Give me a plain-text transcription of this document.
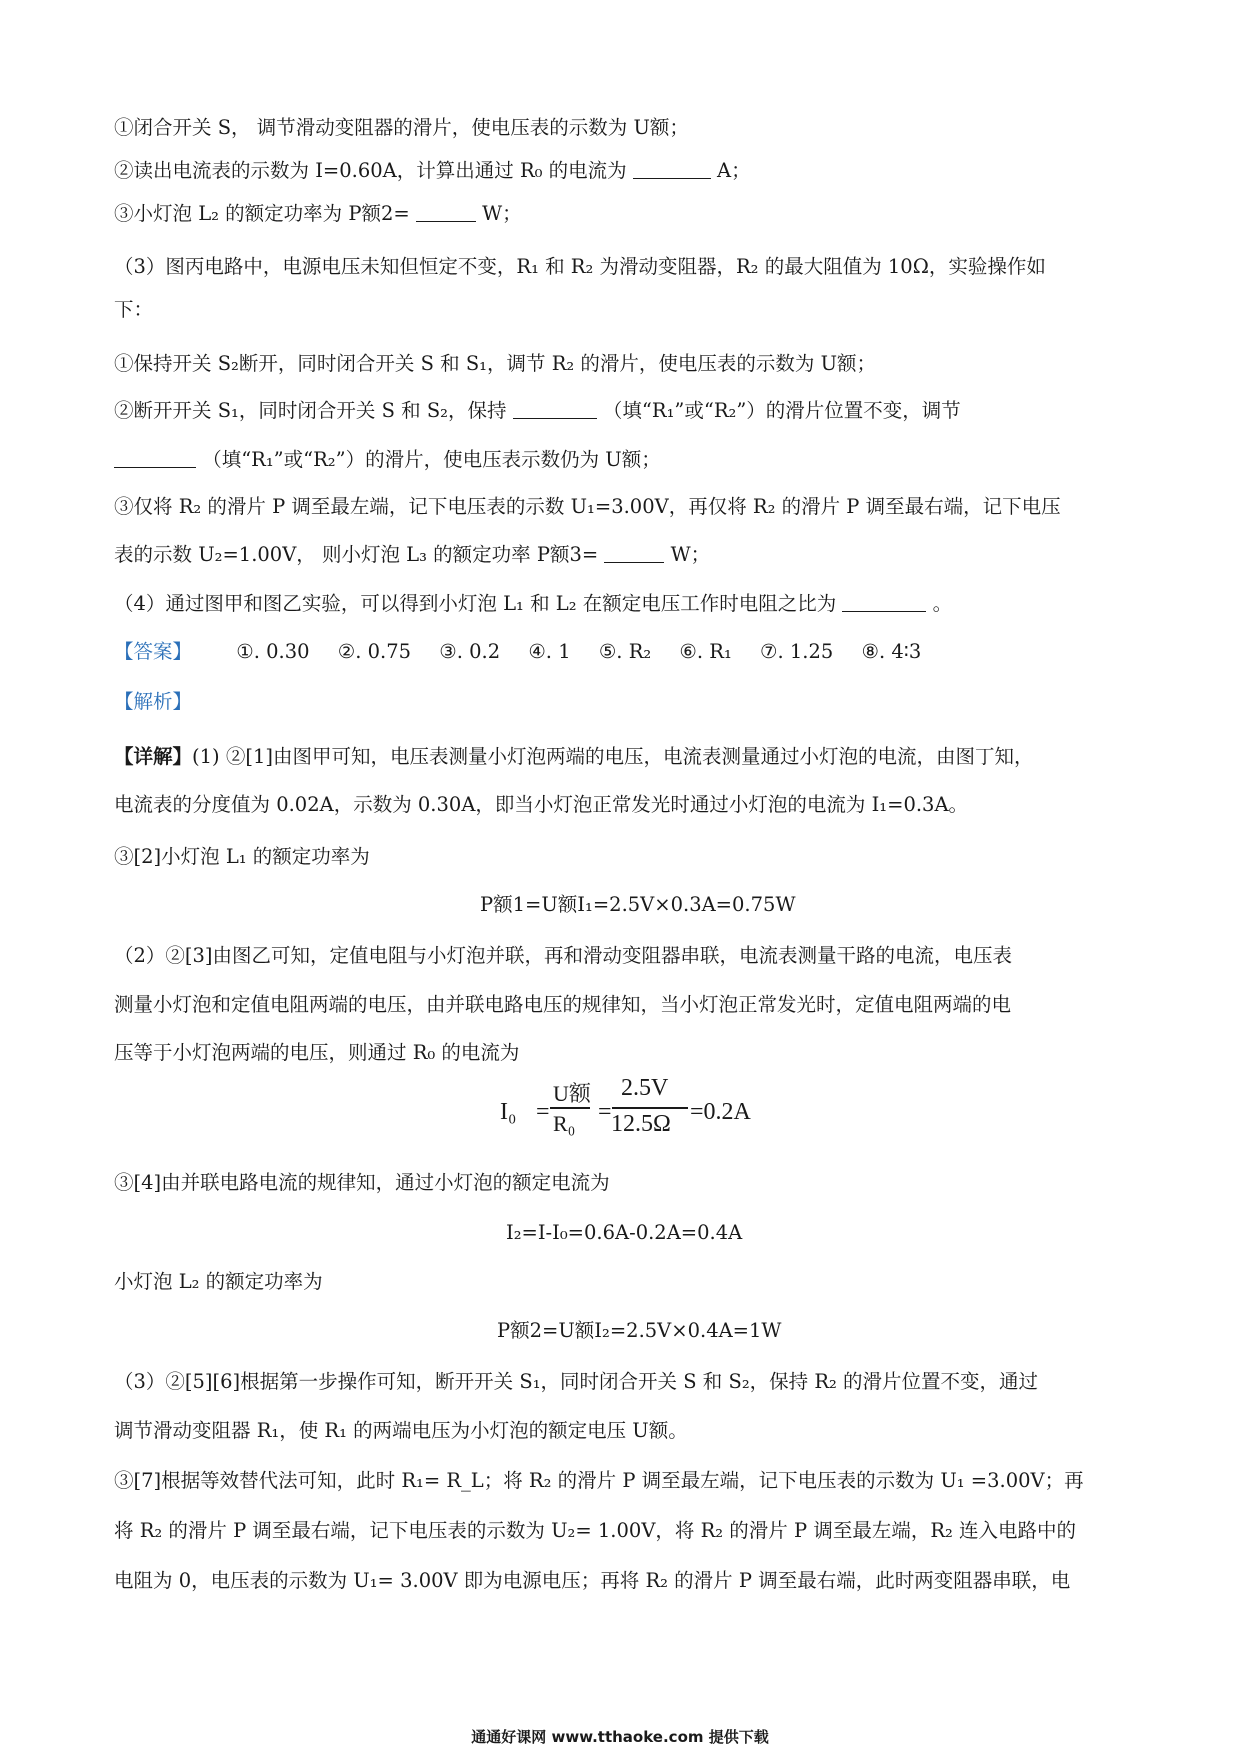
①闭合开关 S， 调节滑动变阻器的滑片，使电压表的示数为 U额；
②读出电流表的示数为 I=0.60A，计算出通过 R₀ 的电流为	A；
③小灯泡 L₂ 的额定功率为 P额2=	W；
（3）图丙电路中，电源电压未知但恒定不变，R₁ 和 R₂ 为滑动变阻器，R₂ 的最大阻值为 10Ω，实验操作如
下：
①保持开关 S₂断开，同时闭合开关 S 和 S₁，调节 R₂ 的滑片，使电压表的示数为 U额；
②断开开关 S₁，同时闭合开关 S 和 S₂，保持	（填“R₁”或“R₂”）的滑片位置不变，调节
（填“R₁”或“R₂”）的滑片，使电压表示数仍为 U额；
③仅将 R₂ 的滑片 P 调至最左端，记下电压表的示数 U₁=3.00V，再仅将 R₂ 的滑片 P 调至最右端，记下电压
表的示数 U₂=1.00V， 则小灯泡 L₃ 的额定功率 P额3=	W；
（4）通过图甲和图乙实验，可以得到小灯泡 L₁ 和 L₂ 在额定电压工作时电阻之比为	。
【答案】 ①. 0.30 ②. 0.75 ③. 0.2 ④. 1 ⑤. R₂ ⑥. R₁ ⑦. 1.25 ⑧. 4∶3
【解析】
【详解】(1) ②[1]由图甲可知，电压表测量小灯泡两端的电压，电流表测量通过小灯泡的电流，由图丁知，
电流表的分度值为 0.02A，示数为 0.30A，即当小灯泡正常发光时通过小灯泡的电流为 I₁=0.3A。
③[2]小灯泡 L₁ 的额定功率为
P额1=U额I₁=2.5V×0.3A=0.75W
（2）②[3]由图乙可知，定值电阻与小灯泡并联，再和滑动变阻器串联，电流表测量干路的电流，电压表
测量小灯泡和定值电阻两端的电压，由并联电路电压的规律知，当小灯泡正常发光时，定值电阻两端的电
压等于小灯泡两端的电压，则通过 R₀ 的电流为
I₀ =
U额
R₀ =
2.5V
12.5Ω =0.2A
③[4]由并联电路电流的规律知，通过小灯泡的额定电流为
I₂=I-I₀=0.6A-0.2A=0.4A
小灯泡 L₂ 的额定功率为
P额2=U额I₂=2.5V×0.4A=1W
（3）②[5][6]根据第一步操作可知，断开开关 S₁，同时闭合开关 S 和 S₂，保持 R₂ 的滑片位置不变，通过
调节滑动变阻器 R₁，使 R₁ 的两端电压为小灯泡的额定电压 U额。
③[7]根据等效替代法可知，此时 R₁= R_L；将 R₂ 的滑片 P 调至最左端，记下电压表的示数为 U₁ =3.00V；再
将 R₂ 的滑片 P 调至最右端，记下电压表的示数为 U₂= 1.00V，将 R₂ 的滑片 P 调至最左端，R₂ 连入电路中的
电阻为 0，电压表的示数为 U₁= 3.00V 即为电源电压；再将 R₂ 的滑片 P 调至最右端，此时两变阻器串联，电
通通好课网 www.tthaoke.com 提供下载
